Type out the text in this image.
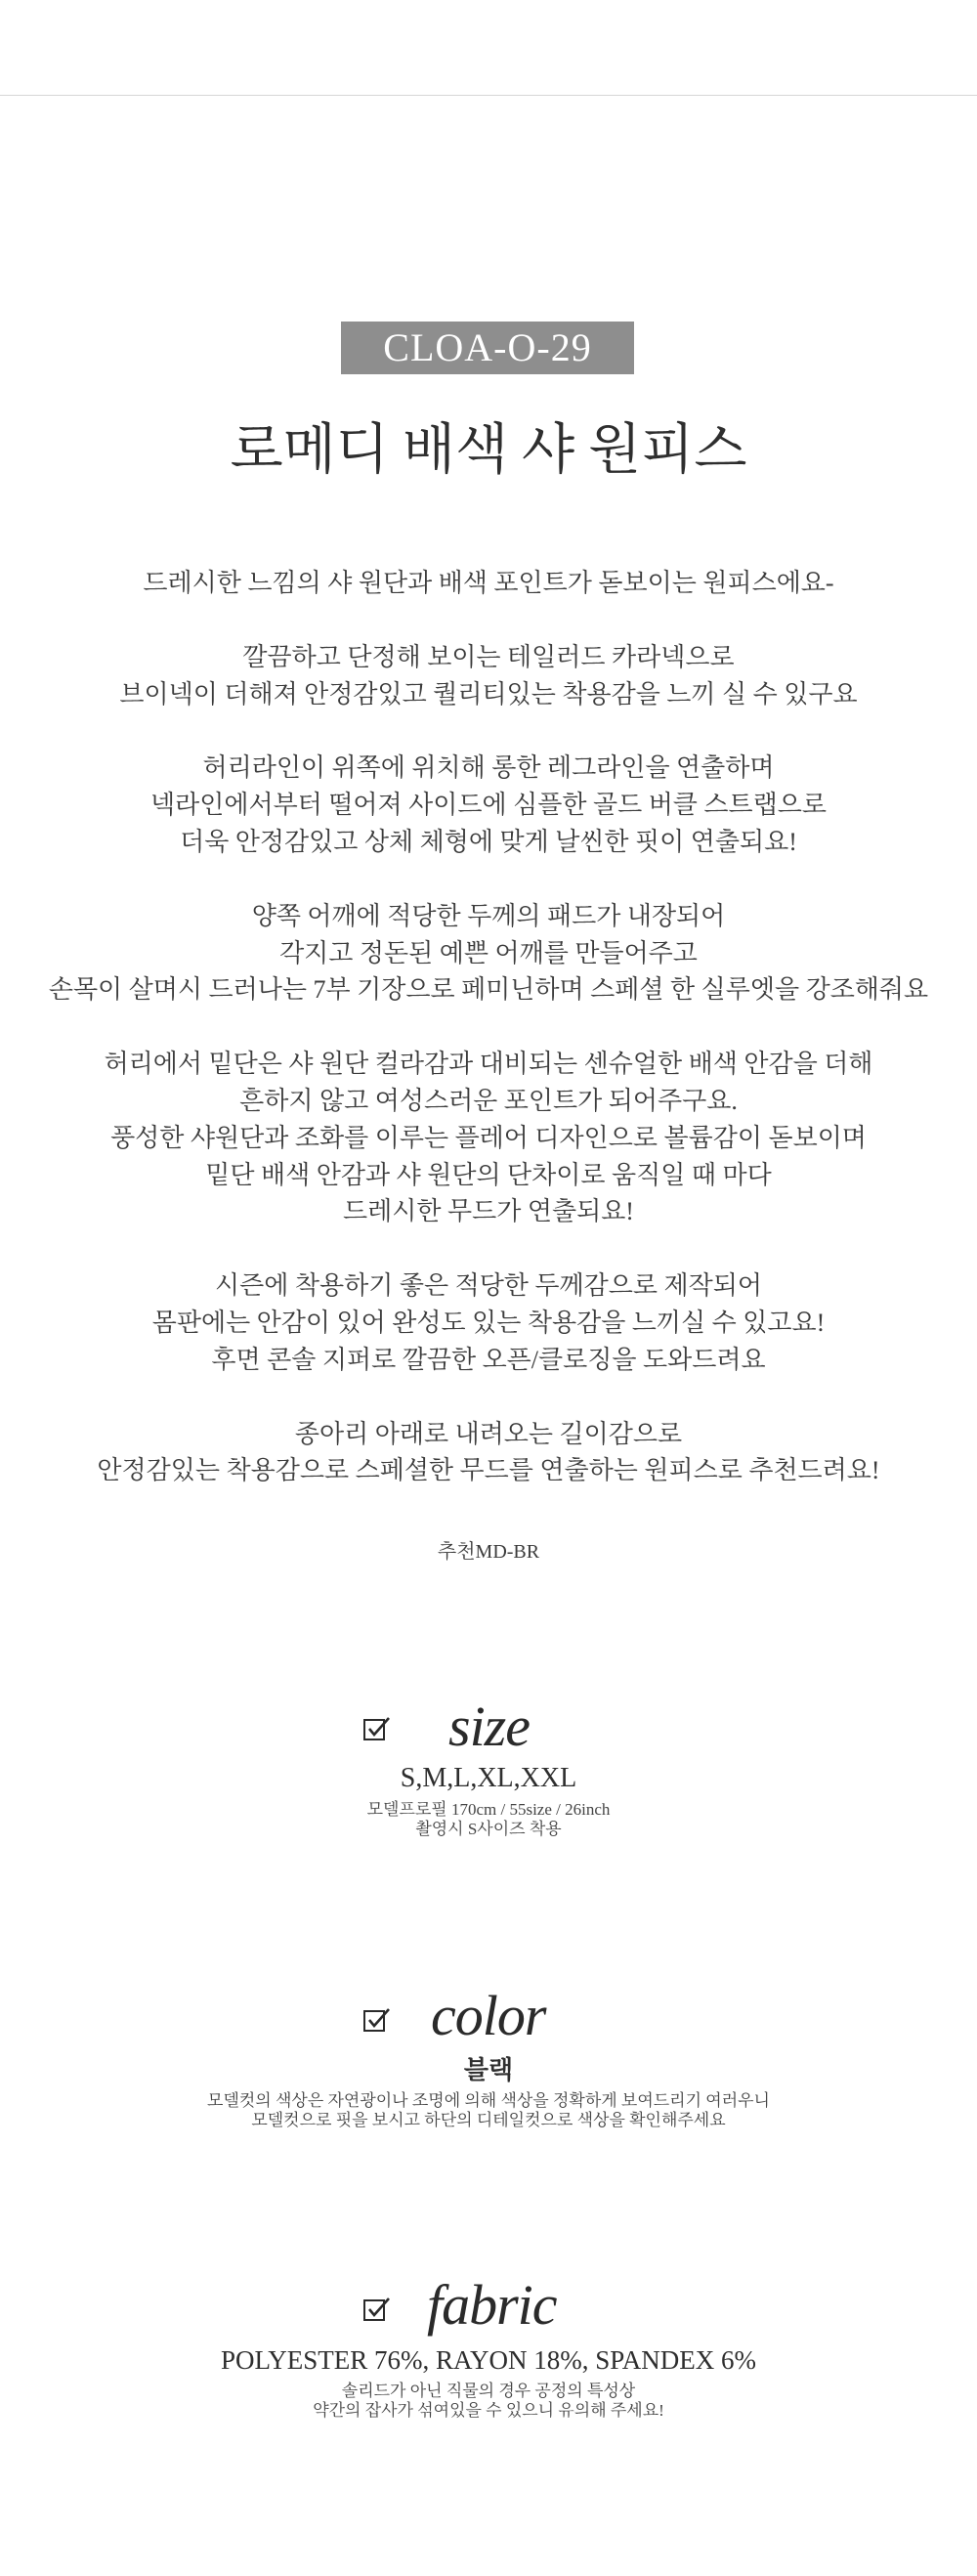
CLOA-O-29
로메디 배색 샤 원피스
드레시한 느낌의 샤 원단과 배색 포인트가 돋보이는 원피스에요-
깔끔하고 단정해 보이는 테일러드 카라넥으로
브이넥이 더해져 안정감있고 퀄리티있는 착용감을 느끼 실 수 있구요
허리라인이 위쪽에 위치해 롱한 레그라인을 연출하며
넥라인에서부터 떨어져 사이드에 심플한 골드 버클 스트랩으로
더욱 안정감있고 상체 체형에 맞게 날씬한 핏이 연출되요!
양쪽 어깨에 적당한 두께의 패드가 내장되어
각지고 정돈된 예쁜 어깨를 만들어주고
손목이 살며시 드러나는 7부 기장으로 페미닌하며 스페셜 한 실루엣을 강조해줘요
허리에서 밑단은 샤 원단 컬라감과 대비되는 센슈얼한 배색 안감을 더해
흔하지 않고 여성스러운 포인트가 되어주구요.
풍성한 샤원단과 조화를 이루는 플레어 디자인으로 볼륨감이 돋보이며
밑단 배색 안감과 샤 원단의 단차이로 움직일 때 마다
드레시한 무드가 연출되요!
시즌에 착용하기 좋은 적당한 두께감으로 제작되어
몸판에는 안감이 있어 완성도 있는 착용감을 느끼실 수 있고요!
후면 콘솔 지퍼로 깔끔한 오픈/클로징을 도와드려요
종아리 아래로 내려오는 길이감으로
안정감있는 착용감으로 스페셜한 무드를 연출하는 원피스로 추천드려요!
추천MD-BR
size
S,M,L,XL,XXL
모델프로필 170cm / 55size / 26inch
촬영시 S사이즈 착용
color
블랙
모델컷의 색상은 자연광이나 조명에 의해 색상을 정확하게 보여드리기 여러우니
모델컷으로 핏을 보시고 하단의 디테일컷으로 색상을 확인해주세요
fabric
POLYESTER 76%, RAYON 18%, SPANDEX 6%
솔리드가 아닌 직물의 경우 공정의 특성상
약간의 잡사가 섞여있을 수 있으니 유의해 주세요!
